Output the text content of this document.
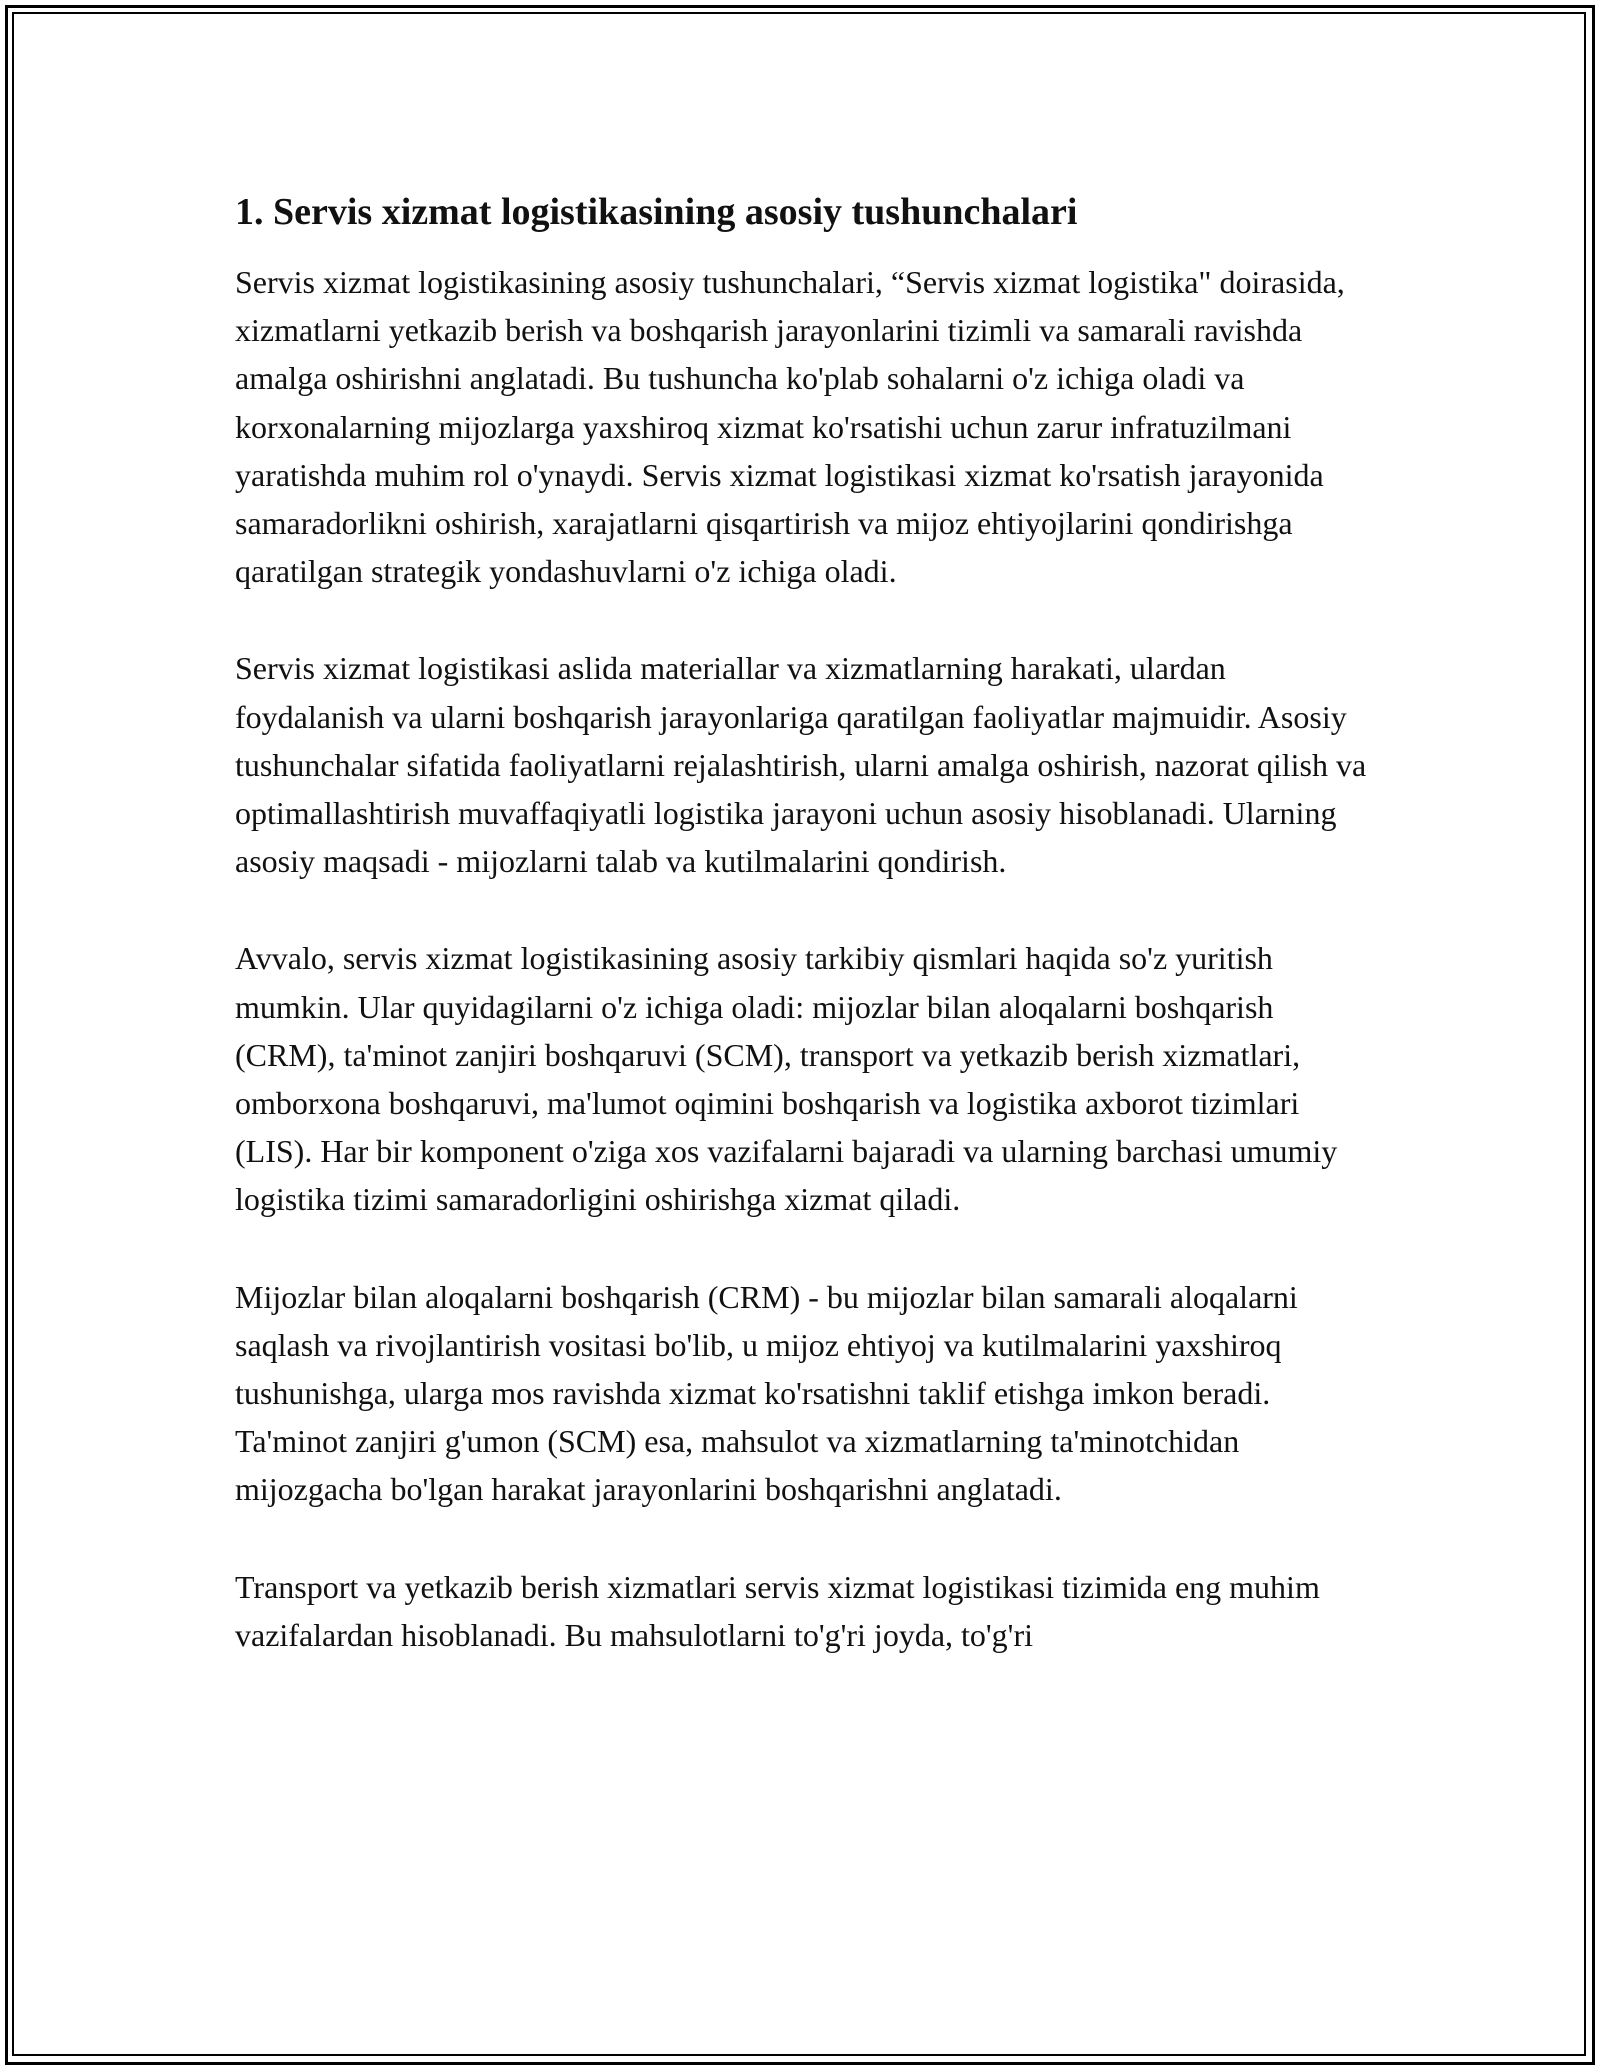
1. Servis xizmat logistikasining asosiy tushunchalari

Servis xizmat logistikasining asosiy tushunchalari, “Servis xizmat logistika" doirasida, xizmatlarni yetkazib berish va boshqarish jarayonlarini tizimli va samarali ravishda amalga oshirishni anglatadi. Bu tushuncha ko'plab sohalarni o'z ichiga oladi va korxonalarning mijozlarga yaxshiroq xizmat ko'rsatishi uchun zarur infratuzilmani yaratishda muhim rol o'ynaydi. Servis xizmat logistikasi xizmat ko'rsatish jarayonida samaradorlikni oshirish, xarajatlarni qisqartirish va mijoz ehtiyojlarini qondirishga qaratilgan strategik yondashuvlarni o'z ichiga oladi.

Servis xizmat logistikasi aslida materiallar va xizmatlarning harakati, ulardan foydalanish va ularni boshqarish jarayonlariga qaratilgan faoliyatlar majmuidir. Asosiy tushunchalar sifatida faoliyatlarni rejalashtirish, ularni amalga oshirish, nazorat qilish va optimallashtirish muvaffaqiyatli logistika jarayoni uchun asosiy hisoblanadi. Ularning asosiy maqsadi - mijozlarni talab va kutilmalarini qondirish.

Avvalo, servis xizmat logistikasining asosiy tarkibiy qismlari haqida so'z yuritish mumkin. Ular quyidagilarni o'z ichiga oladi: mijozlar bilan aloqalarni boshqarish (CRM), ta'minot zanjiri boshqaruvi (SCM), transport va yetkazib berish xizmatlari, omborxona boshqaruvi, ma'lumot oqimini boshqarish va logistika axborot tizimlari (LIS). Har bir komponent o'ziga xos vazifalarni bajaradi va ularning barchasi umumiy logistika tizimi samaradorligini oshirishga xizmat qiladi.

Mijozlar bilan aloqalarni boshqarish (CRM) - bu mijozlar bilan samarali aloqalarni saqlash va rivojlantirish vositasi bo'lib, u mijoz ehtiyoj va kutilmalarini yaxshiroq tushunishga, ularga mos ravishda xizmat ko'rsatishni taklif etishga imkon beradi. Ta'minot zanjiri g'umon (SCM) esa, mahsulot va xizmatlarning ta'minotchidan mijozgacha bo'lgan harakat jarayonlarini boshqarishni anglatadi.

Transport va yetkazib berish xizmatlari servis xizmat logistikasi tizimida eng muhim vazifalardan hisoblanadi. Bu mahsulotlarni to'g'ri joyda, to'g'ri
